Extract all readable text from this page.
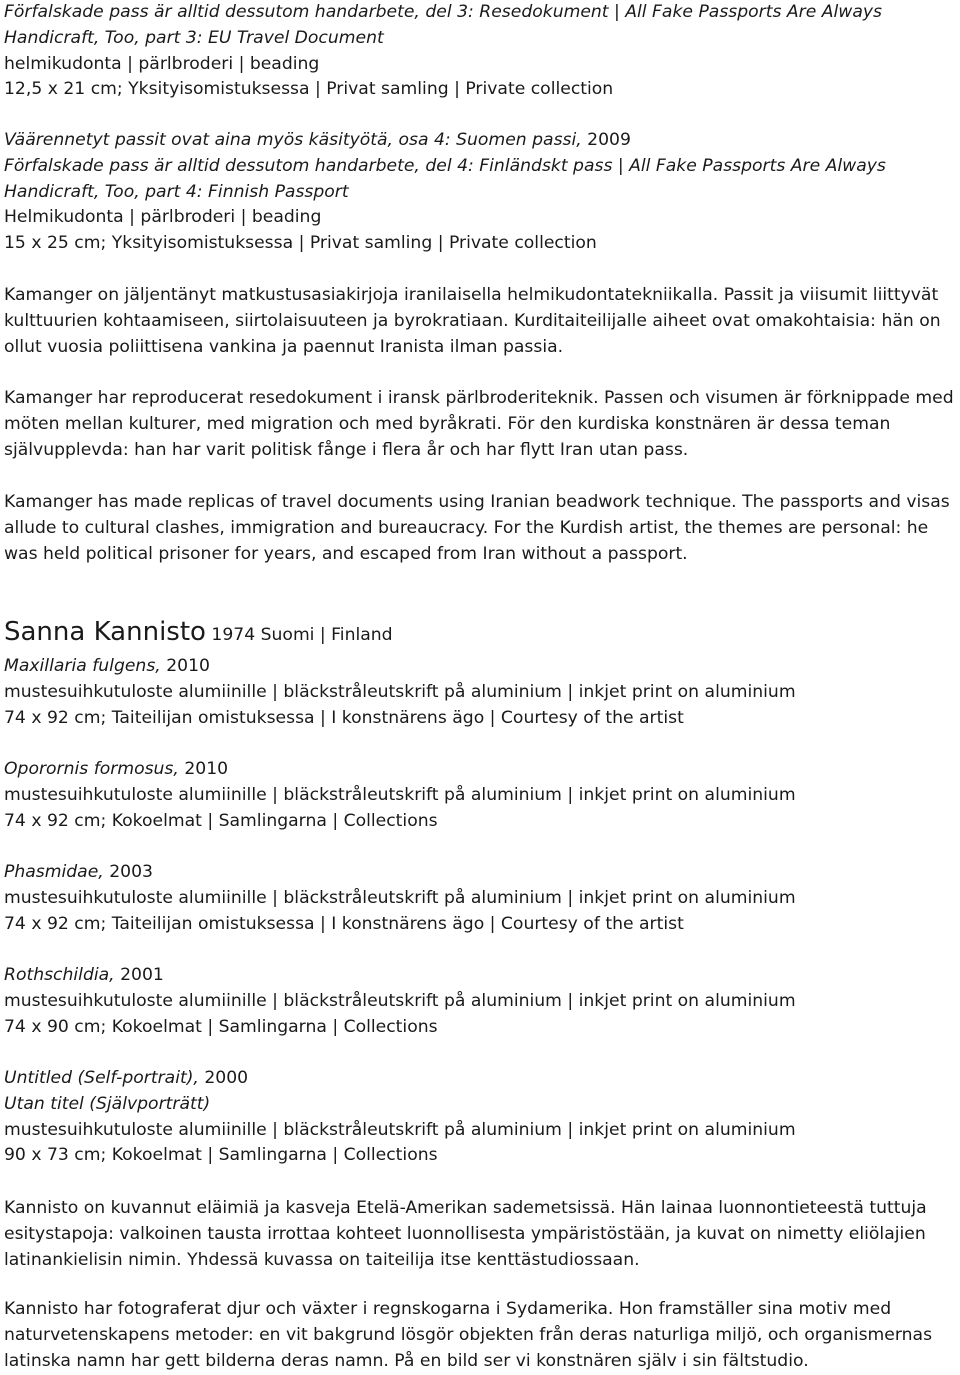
Förfalskade pass är alltid dessutom handarbete, del 3: Resedokument | All Fake Passports Are Always

Handicraft, Too, part 3: EU Travel Document

helmikudonta | pärlbroderi | beading

12,5 x 21 cm; Yksityisomistuksessa | Privat samling | Private collection

Väärennetyt passit ovat aina myös käsityötä, osa 4: Suomen passi, 2009

Förfalskade pass är alltid dessutom handarbete, del 4: Finländskt pass | All Fake Passports Are Always

Handicraft, Too, part 4: Finnish Passport

Helmikudonta | pärlbroderi | beading

15 x 25 cm; Yksityisomistuksessa | Privat samling | Private collection

Kamanger on jäljentänyt matkustusasiakirjoja iranilaisella helmikudontatekniikalla. Passit ja viisumit liittyvät kulttuurien kohtaamiseen, siirtolaisuuteen ja byrokratiaan. Kurditaiteilijalle aiheet ovat omakohtaisia: hän on ollut vuosia poliittisena vankina ja paennut Iranista ilman passia.

Kamanger har reproducerat resedokument i iransk pärlbroderiteknik. Passen och visumen är förknippade med möten mellan kulturer, med migration och med byråkrati. För den kurdiska konstnären är dessa teman självupplevda: han har varit politisk fånge i flera år och har flytt Iran utan pass.

Kamanger has made replicas of travel documents using Iranian beadwork technique. The passports and visas allude to cultural clashes, immigration and bureaucracy. For the Kurdish artist, the themes are personal: he was held political prisoner for years, and escaped from Iran without a passport.

Sanna Kannisto 1974 Suomi | Finland

Maxillaria fulgens, 2010

mustesuihkutuloste alumiinille | bläckstråleutskrift på aluminium | inkjet print on aluminium

74 x 92 cm; Taiteilijan omistuksessa | I konstnärens ägo | Courtesy of the artist

Oporornis formosus, 2010

mustesuihkutuloste alumiinille | bläckstråleutskrift på aluminium | inkjet print on aluminium

74 x 92 cm; Kokoelmat | Samlingarna | Collections

Phasmidae, 2003

mustesuihkutuloste alumiinille | bläckstråleutskrift på aluminium | inkjet print on aluminium

74 x 92 cm; Taiteilijan omistuksessa | I konstnärens ägo | Courtesy of the artist

Rothschildia, 2001

mustesuihkutuloste alumiinille | bläckstråleutskrift på aluminium | inkjet print on aluminium

74 x 90 cm; Kokoelmat | Samlingarna | Collections

Untitled (Self-portrait), 2000

Utan titel (Självporträtt)

mustesuihkutuloste alumiinille | bläckstråleutskrift på aluminium | inkjet print on aluminium

90 x 73 cm; Kokoelmat | Samlingarna | Collections

Kannisto on kuvannut eläimiä ja kasveja Etelä-Amerikan sademetsissä. Hän lainaa luonnontieteestä tuttuja esitystapoja: valkoinen tausta irrottaa kohteet luonnollisesta ympäristöstään, ja kuvat on nimetty eliölajien latinankielisin nimin. Yhdessä kuvassa on taiteilija itse kenttästudiossaan.

Kannisto har fotograferat djur och växter i regnskogarna i Sydamerika. Hon framställer sina motiv med naturvetenskapens metoder: en vit bakgrund lösgör objekten från deras naturliga miljö, och organismernas latinska namn har gett bilderna deras namn. På en bild ser vi konstnären själv i sin fältstudio.
